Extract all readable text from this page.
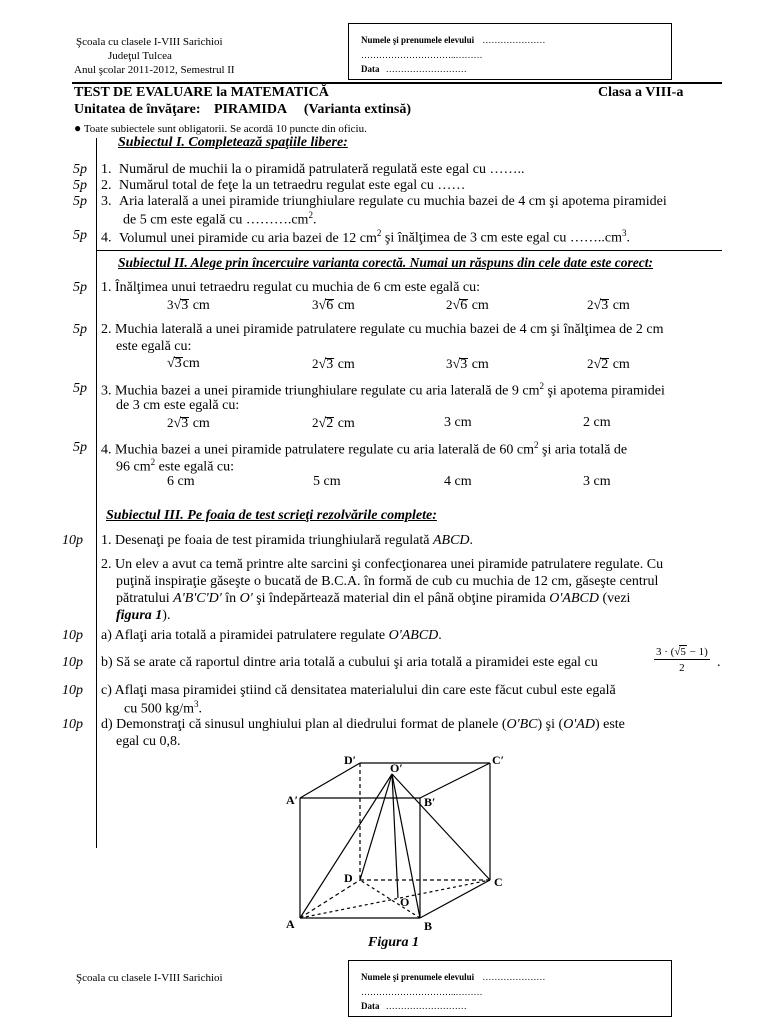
Şcoala cu clasele I-VIII Sarichioi
Judeţul Tulcea
Anul şcolar 2011-2012, Semestrul II
Numele şi prenumele elevului …………………
…………………………..………
Data ………………………
TEST DE EVALUARE la MATEMATICĂ	Clasa a VIII-a
Unitatea de învăţare: PIRAMIDA (Varianta extinsă)
● Toate subiectele sunt obligatorii. Se acordă 10 puncte din oficiu.
Subiectul I. Completează spaţiile libere:
5p 1. Numărul de muchii la o piramidă patrulateră regulată este egal cu ……..
5p 2. Numărul total de feţe la un tetraedru regulat este egal cu ……
5p 3. Aria laterală a unei piramide triunghiulare regulate cu muchia bazei de 4 cm şi apotema piramidei
de 5 cm este egală cu $\dots\dots\dots.cm^2$.
5p 4. Volumul unei piramide cu aria bazei de 12 $cm^2$ şi înălţimea de 3 cm este egal cu $\dots\dots..cm^3$.
Subiectul II. Alege prin încercuire varianta corectă. Numai un răspuns din cele date este corect:
5p 1. Înălţimea unui tetraedru regulat cu muchia de 6 cm este egală cu:
3√3 cm	3√6 cm	2√6 cm	2√3 cm
5p 2. Muchia laterală a unei piramide patrulatere regulate cu muchia bazei de 4 cm şi înălţimea de 2 cm
este egală cu:
√3cm	2√3 cm	3√3 cm	2√2 cm
5p 3. Muchia bazei a unei piramide triunghiulare regulate cu aria laterală de 9 $cm^2$ şi apotema piramidei
de 3 cm este egală cu:
2√3 cm	2√2 cm	3 cm	2 cm
5p 4. Muchia bazei a unei piramide patrulatere regulate cu aria laterală de 60 $cm^2$ şi aria totală de
96 $cm^2$ este egală cu:
6 cm	5 cm	4 cm	3 cm
Subiectul III. Pe foaia de test scrieţi rezolvările complete:
10p 1. Desenaţi pe foaia de test piramida triunghiulară regulată ABCD.
2. Un elev a avut ca temă printre alte sarcini şi confecţionarea unei piramide patrulatere regulate. Cu
puţină inspiraţie găseşte o bucată de B.C.A. în formă de cub cu muchia de 12 cm, găseşte centrul
pătratului A'B'C'D' în O' şi îndepărtează material din el până obţine piramida O'ABCD (vezi
figura 1).
10p a) Aflaţi aria totală a piramidei patrulatere regulate O'ABCD.
10p b) Să se arate că raportul dintre aria totală a cubului şi aria totală a piramidei este egal cu	$\frac{3 \cdot (√5 - 1)}{2}$ .
10p c) Aflaţi masa piramidei ştiind că densitatea materialului din care este făcut cubul este egală
cu 500 $kg/m^3$.
10p d) Demonstraţi că sinusul unghiului plan al diedrului format de planele (O'BC) şi (O'AD) este
egal cu 0,8.
A	B
C
D
O
A′	B′
C′
D′
O′
Figura 1
Şcoala cu clasele I-VIII Sarichioi	Numele şi prenumele elevului …………………
…………………………..………
Data ………………………
